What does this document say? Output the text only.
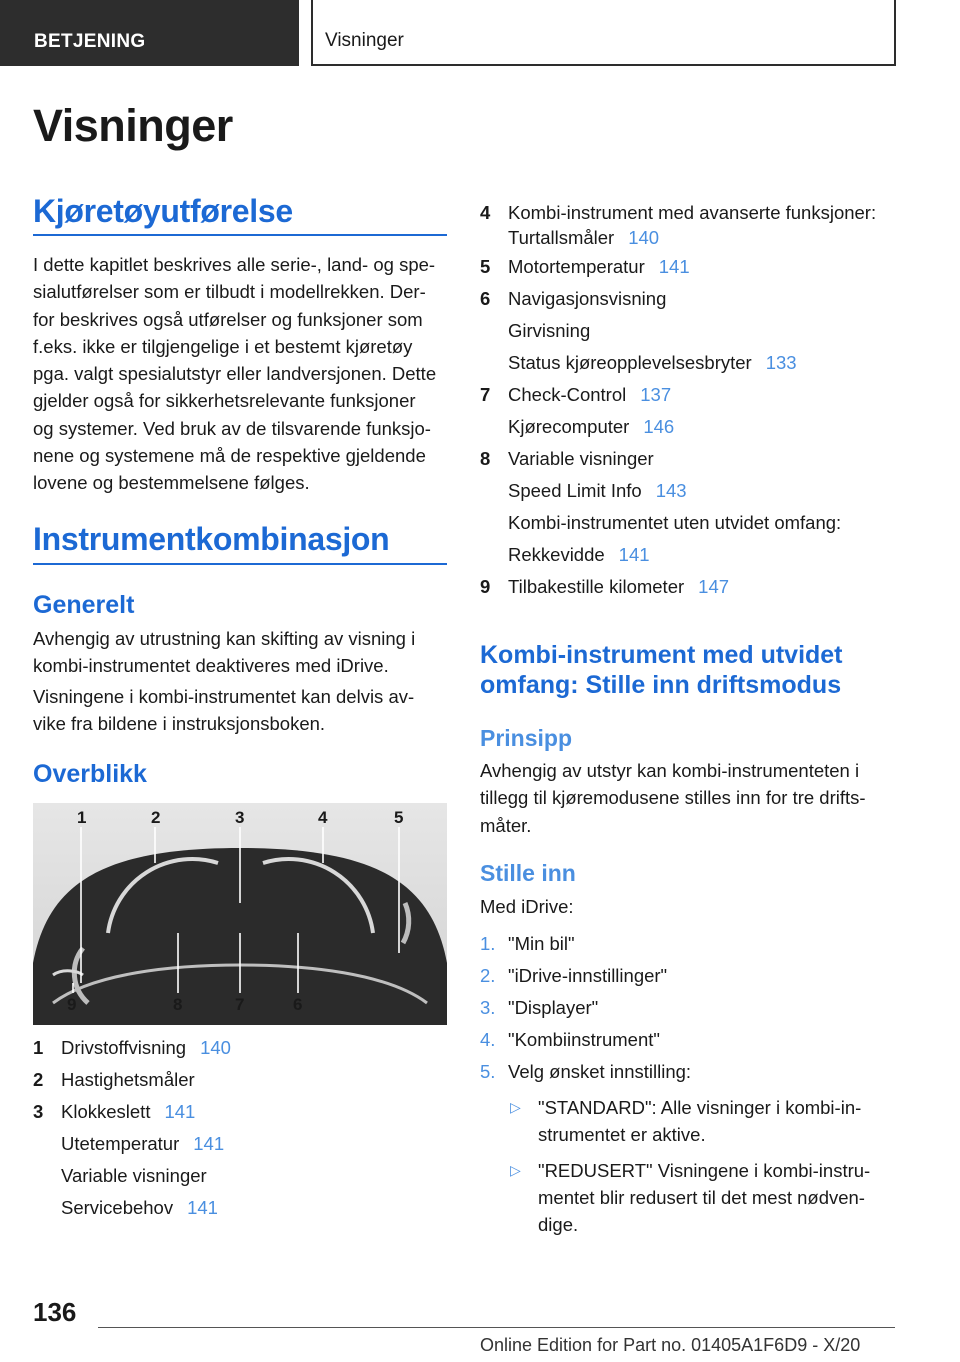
BETJENING	Visninger
Visninger
Kjøretøyutførelse
I dette kapitlet beskrives alle serie-, land- og spe-
sialutførelser som er tilbudt i modellrekken. Der-
for beskrives også utførelser og funksjoner som
f.eks. ikke er tilgjengelige i et bestemt kjøretøy
pga. valgt spesialutstyr eller landversjonen. Dette
gjelder også for sikkerhetsrelevante funksjoner
og systemer. Ved bruk av de tilsvarende funksjo-
nene og systemene må de respektive gjeldende
lovene og bestemmelsene følges.
Instrumentkombinasjon
Generelt
Avhengig av utrustning kan skifting av visning i
kombi-instrumentet deaktiveres med iDrive.
Visningene i kombi-instrumentet kan delvis av-
vike fra bildene i instruksjonsboken.
Overblikk
1	2	3	4	5
9	8	7	6
1 Drivstoffvisning 140
2 Hastighetsmåler
3 Klokkeslett 141
Utetemperatur 141
Variable visninger
Servicebehov 141
4 Kombi-instrument med avanserte funksjoner:
Turtallsmåler 140
5 Motortemperatur 141
6 Navigasjonsvisning
Girvisning
Status kjøreopplevelsesbryter 133
7 Check-Control 137
Kjørecomputer 146
8 Variable visninger
Speed Limit Info 143
Kombi-instrumentet uten utvidet omfang:
Rekkevidde 141
9 Tilbakestille kilometer 147
Kombi-instrument med utvidet
omfang: Stille inn driftsmodus
Prinsipp
Avhengig av utstyr kan kombi-instrumenteten i
tillegg til kjøremodusene stilles inn for tre drifts-
måter.
Stille inn
Med iDrive:
1. "Min bil"
2. "iDrive-innstillinger"
3. "Displayer"
4. "Kombiinstrument"
5. Velg ønsket innstilling:
▷ "STANDARD": Alle visninger i kombi-in-
strumentet er aktive.
▷ "REDUSERT" Visningene i kombi-instru-
mentet blir redusert til det mest nødven-
dige.
136
Online Edition for Part no. 01405A1F6D9 - X/20
